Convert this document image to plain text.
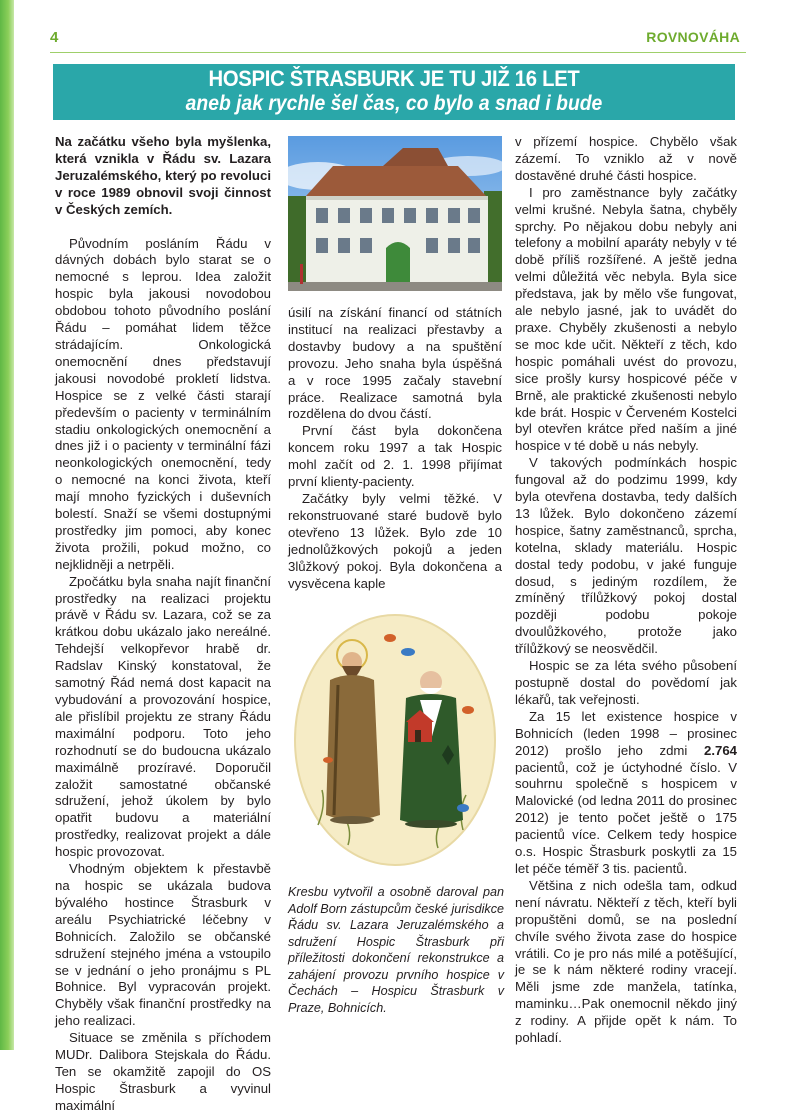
4	ROVNOVÁHA
HOSPIC ŠTRASBURK JE TU JIŽ 16 LET
aneb jak rychle šel čas, co bylo a snad i bude

Na začátku všeho byla myšlenka, která vznikla v Řádu sv. Lazara Jeruzalémského, který po revoluci v roce 1989 obnovil svoji činnost v Českých zemích.

Původním posláním Řádu v dávných dobách bylo starat se o nemocné s leprou. Idea založit hospic byla jakousi novodobou obdobou tohoto původního poslání Řádu – pomáhat lidem těžce strádajícím. Onkologická onemocnění dnes představují jakousi novodobé prokletí lidstva. Hospice se z velké části starají především o pacienty v terminálním stadiu onkologických onemocnění a dnes již i o pacienty v terminální fázi neonkologických onemocnění, tedy o nemocné na konci života, kteří mají mnoho fyzických i duševních bolestí. Snaží se všemi dostupnými prostředky jim pomoci, aby konec života prožili, pokud možno, co nejklidněji a netrpěli.

Zpočátku byla snaha najít finanční prostředky na realizaci projektu právě v Řádu sv. Lazara, což se za krátkou dobu ukázalo jako nereálné. Tehdejší velkopřevor hrabě dr. Radslav Kinský konstatoval, že samotný Řád nemá dost kapacit na vybudování a provozování hospice, ale přislíbil projektu ze strany Řádu maximální podporu. Toto jeho rozhodnutí se do budoucna ukázalo maximálně prozíravé. Doporučil založit samostatné občanské sdružení, jehož úkolem by bylo opatřit budovu a materiální prostředky, realizovat projekt a dále hospic provozovat.

Vhodným objektem k přestavbě na hospic se ukázala budova bývalého hostince Štrasburk v areálu Psychiatrické léčebny v Bohnicích. Založilo se občanské sdružení stejného jména a vstoupilo se v jednání o jeho pronájmu s PL Bohnice. Byl vypracován projekt. Chyběly však finanční prostředky na jeho realizaci.

Situace se změnila s příchodem MUDr. Dalibora Stejskala do Řádu. Ten se okamžitě zapojil do OS Hospic Štrasburk a vyvinul maximální

úsilí na získání financí od státních institucí na realizaci přestavby a dostavby budovy a na spuštění provozu. Jeho snaha byla úspěšná a v roce 1995 začaly stavební práce. Realizace samotná byla rozdělena do dvou částí.

První část byla dokončena koncem roku 1997 a tak Hospic mohl začít od 2. 1. 1998 přijímat první klienty-pacienty.

Začátky byly velmi těžké. V rekonstruované staré budově bylo otevřeno 13 lůžek. Bylo zde 10 jednolůžkových pokojů a jeden 3lůžkový pokoj. Byla dokončena a vysvěcena kaple

Kresbu vytvořil a osobně daroval pan Adolf Born zástupcům české jurisdikce Řádu sv. Lazara Jeruzalémského a sdružení Hospic Štrasburk při příležitosti dokončení rekonstrukce a zahájení provozu prvního hospice v Čechách – Hospicu Štrasburk v Praze, Bohnicích.

v přízemí hospice. Chybělo však zázemí. To vzniklo až v nově dostavěné druhé části hospice.

I pro zaměstnance byly začátky velmi krušné. Nebyla šatna, chyběly sprchy. Po nějakou dobu nebyly ani telefony a mobilní aparáty nebyly v té době příliš rozšířené. A ještě jedna velmi důležitá věc nebyla. Byla sice představa, jak by mělo vše fungovat, ale nebylo jasné, jak to uvádět do praxe. Chyběly zkušenosti a nebylo se moc kde učit. Někteří z těch, kdo hospic pomáhali uvést do provozu, sice prošly kursy hospicové péče v Brně, ale praktické zkušenosti nebylo kde brát. Hospic v Červeném Kostelci byl otevřen krátce před naším a jiné hospice v té době u nás nebyly.

V takových podmínkách hospic fungoval až do podzimu 1999, kdy byla otevřena dostavba, tedy dalších 13 lůžek. Bylo dokončeno zázemí hospice, šatny zaměstnanců, sprcha, kotelna, sklady materiálu. Hospic dostal tedy podobu, v jaké funguje dosud, s jediným rozdílem, že zmíněný třílůžkový pokoj dostal později podobu pokoje dvoulůžkového, protože jako třílůžkový se neosvědčil.

Hospic se za léta svého působení postupně dostal do povědomí jak lékařů, tak veřejnosti.

Za 15 let existence hospice v Bohnicích (leden 1998 – prosinec 2012) prošlo jeho zdmi 2.764 pacientů, což je úctyhodné číslo. V souhrnu společně s hospicem v Malovické (od ledna 2011 do prosinec 2012) je tento počet ještě o 175 pacientů více. Celkem tedy hospice o.s. Hospic Štrasburk poskytli za 15 let péče téměř 3 tis. pacientů.

Většina z nich odešla tam, odkud není návratu. Někteří z těch, kteří byli propuštěni domů, se na poslední chvíle svého života zase do hospice vrátili. Co je pro nás milé a potěšující, je se k nám některé rodiny vracejí. Měli jsme zde manžela, tatínka, maminku…Pak onemocnil někdo jiný z rodiny. A přijde opět k nám. To pohladí.
